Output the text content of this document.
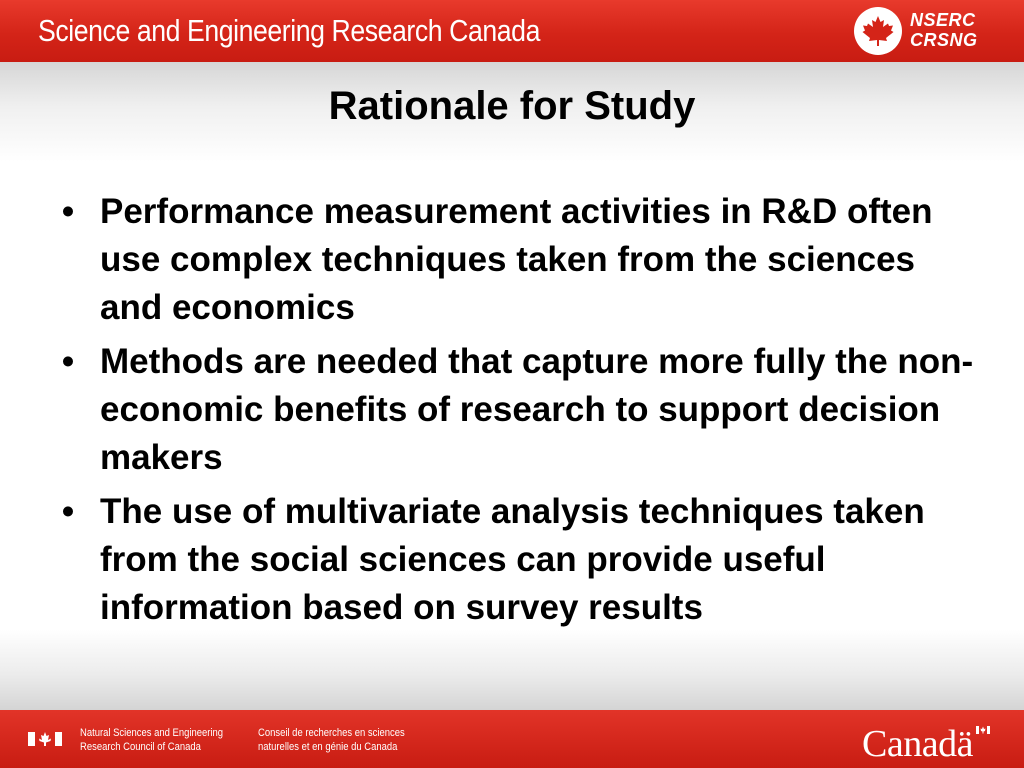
Science and Engineering Research Canada	NSERC
CRSNG
Rationale for Study
• Performance measurement activities in R&D often use complex techniques taken from the sciences and economics
• Methods are needed that capture more fully the non-economic benefits of research to support decision makers
• The use of multivariate analysis techniques taken from the social sciences can provide useful information based on survey results
Natural Sciences and Engineering
Research Council of Canada
Conseil de recherches en sciences
naturelles et en génie du Canada	Canadä
